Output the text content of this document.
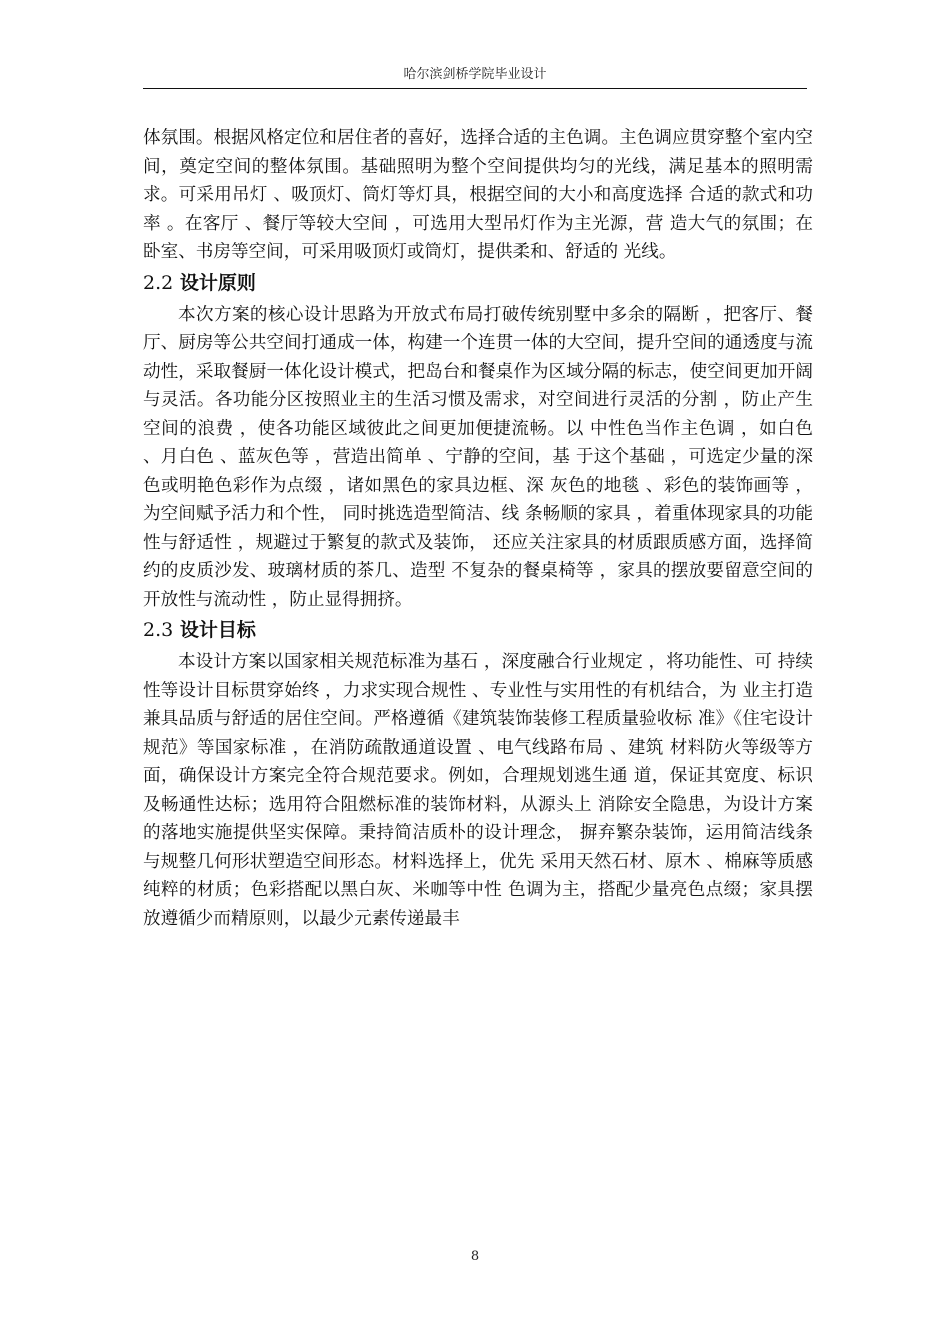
哈尔滨剑桥学院毕业设计

体氛围。根据风格定位和居住者的喜好，选择合适的主色调。主色调应贯穿整个室内空间，奠定空间的整体氛围。基础照明为整个空间提供均匀的光线，满足基本的照明需求。可采用吊灯 、吸顶灯、筒灯等灯具，根据空间的大小和高度选择 合适的款式和功率 。在客厅 、餐厅等较大空间 ，可选用大型吊灯作为主光源，营 造大气的氛围；在卧室、书房等空间，可采用吸顶灯或筒灯，提供柔和、舒适的 光线。

2.2 设计原则

本次方案的核心设计思路为开放式布局打破传统别墅中多余的隔断 ，把客厅、餐厅、厨房等公共空间打通成一体，构建一个连贯一体的大空间，提升空间的通透度与流动性，采取餐厨一体化设计模式，把岛台和餐桌作为区域分隔的标志，使空间更加开阔与灵活。各功能分区按照业主的生活习惯及需求，对空间进行灵活的分割 ，防止产生空间的浪费 ，使各功能区域彼此之间更加便捷流畅。以 中性色当作主色调 ，如白色 、月白色 、蓝灰色等 ，营造出简单 、宁静的空间，基 于这个基础 ，可选定少量的深色或明艳色彩作为点缀 ，诸如黑色的家具边框、深 灰色的地毯 、彩色的装饰画等 ，为空间赋予活力和个性， 同时挑选造型简洁、线 条畅顺的家具 ，着重体现家具的功能性与舒适性 ，规避过于繁复的款式及装饰， 还应关注家具的材质跟质感方面，选择简约的皮质沙发、玻璃材质的茶几、造型 不复杂的餐桌椅等 ，家具的摆放要留意空间的开放性与流动性 ，防止显得拥挤。

2.3 设计目标

本设计方案以国家相关规范标准为基石 ，深度融合行业规定 ，将功能性、可 持续性等设计目标贯穿始终 ，力求实现合规性 、专业性与实用性的有机结合，为 业主打造兼具品质与舒适的居住空间。严格遵循《建筑装饰装修工程质量验收标 准》《住宅设计规范》等国家标准 ，在消防疏散通道设置 、电气线路布局 、建筑 材料防火等级等方面，确保设计方案完全符合规范要求。例如，合理规划逃生通 道，保证其宽度、标识及畅通性达标；选用符合阻燃标准的装饰材料，从源头上 消除安全隐患，为设计方案的落地实施提供坚实保障。秉持简洁质朴的设计理念， 摒弃繁杂装饰，运用简洁线条与规整几何形状塑造空间形态。材料选择上，优先 采用天然石材、原木 、棉麻等质感纯粹的材质；色彩搭配以黑白灰、米咖等中性 色调为主，搭配少量亮色点缀；家具摆放遵循少而精原则，以最少元素传递最丰

8
